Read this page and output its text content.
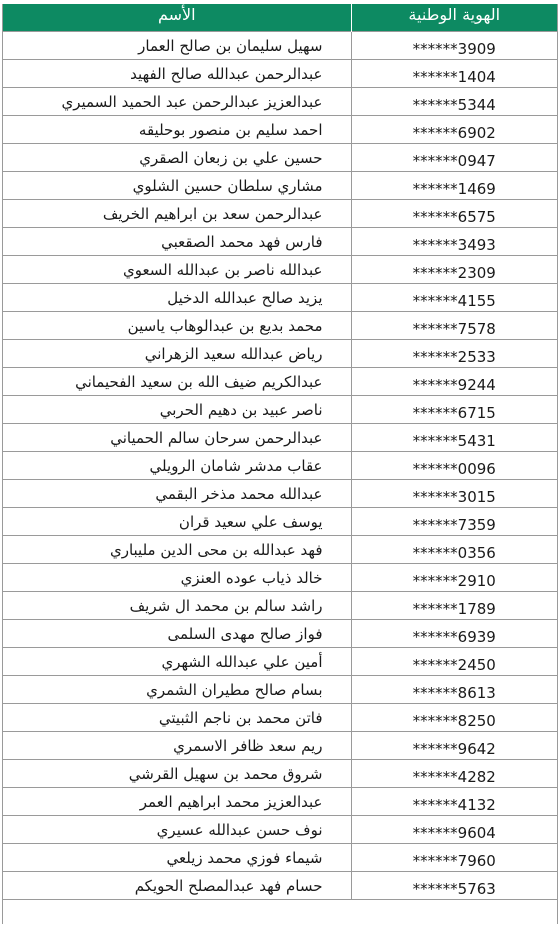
الهوية الوطنية	الأسم
******3909	سهيل سليمان بن صالح العمار
******1404	عبدالرحمن عبدالله صالح الفهيد
******5344	عبدالعزيز عبدالرحمن عبد الحميد السميري
******6902	احمد سليم بن منصور بوحليقه
******0947	حسين علي بن زبعان الصقري
******1469	مشاري سلطان حسين الشلوي
******6575	عبدالرحمن سعد بن ابراهيم الخريف
******3493	فارس فهد محمد الصقعبي
******2309	عبدالله ناصر بن عبدالله السعوي
******4155	يزيد صالح عبدالله الدخيل
******7578	محمد بديع بن عبدالوهاب ياسين
******2533	رياض عبدالله سعيد الزهراني
******9244	عبدالكريم ضيف الله بن سعيد الفحيماني
******6715	ناصر عبيد بن دهيم الحربي
******5431	عبدالرحمن سرحان سالم الحمياني
******0096	عقاب مدشر شامان الرويلي
******3015	عبدالله محمد مذخر البقمي
******7359	يوسف علي سعيد قران
******0356	فهد عبدالله بن محى الدين مليباري
******2910	خالد ذياب عوده العنزي
******1789	راشد سالم بن محمد ال شريف
******6939	فواز صالح مهدى السلمى
******2450	أمين علي عبدالله الشهري
******8613	بسام صالح مطيران الشمري
******8250	فاتن محمد بن ناجم الثبيتي
******9642	ريم سعد ظافر الاسمري
******4282	شروق محمد بن سهيل القرشي
******4132	عبدالعزيز محمد ابراهيم العمر
******9604	نوف حسن عبدالله عسيري
******7960	شيماء فوزي محمد زيلعي
******5763	حسام فهد عبدالمصلح الحويكم
